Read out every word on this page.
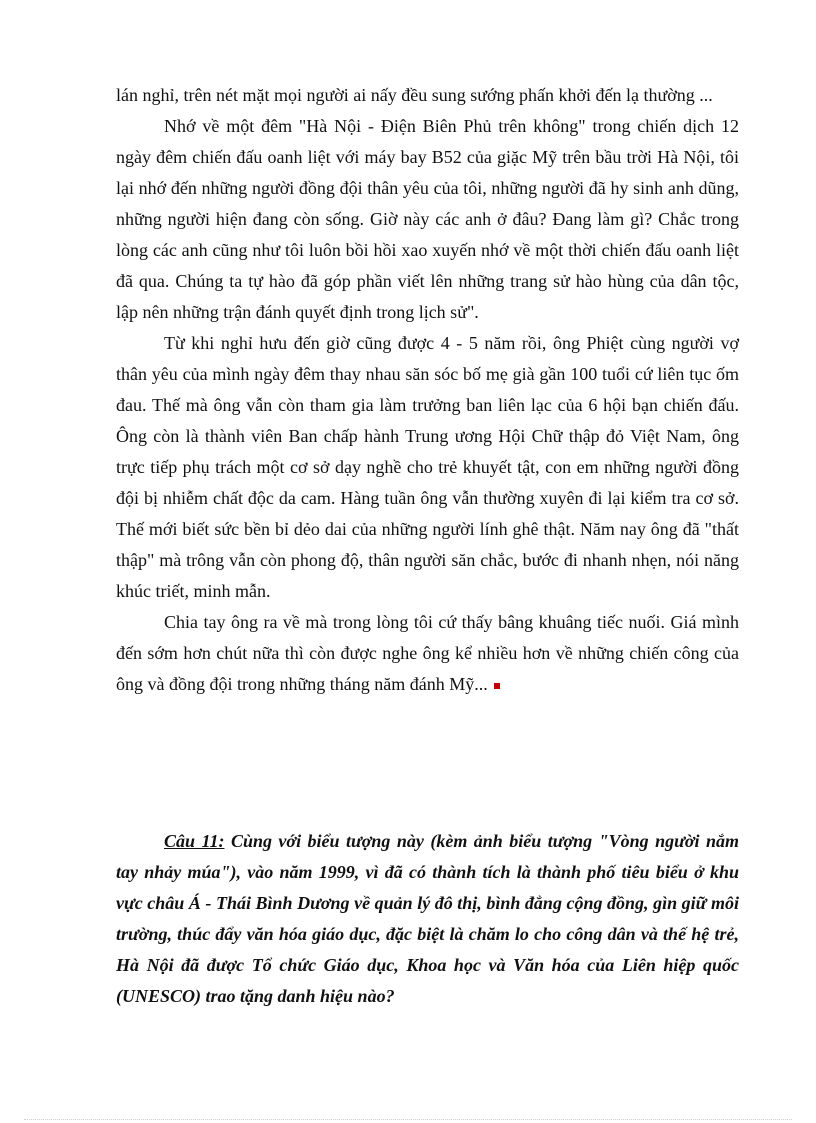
lán nghỉ, trên nét mặt mọi người ai nấy đều sung sướng phấn khởi đến lạ thường ...

Nhớ về một đêm "Hà Nội - Điện Biên Phủ trên không" trong chiến dịch 12 ngày đêm chiến đấu oanh liệt với máy bay B52 của giặc Mỹ trên bầu trời Hà Nội, tôi lại nhớ đến những người đồng đội thân yêu của tôi, những người đã hy sinh anh dũng, những người hiện đang còn sống. Giờ này các anh ở đâu? Đang làm gì? Chắc trong lòng các anh cũng như tôi luôn bồi hồi xao xuyến nhớ về một thời chiến đấu oanh liệt đã qua. Chúng ta tự hào đã góp phần viết lên những trang sử hào hùng của dân tộc, lập nên những trận đánh quyết định trong lịch sử".

Từ khi nghỉ hưu đến giờ cũng được 4 - 5 năm rồi, ông Phiệt cùng người vợ thân yêu của mình ngày đêm thay nhau săn sóc bố mẹ già gần 100 tuổi cứ liên tục ốm đau. Thế mà ông vẫn còn tham gia làm trưởng ban liên lạc của 6 hội bạn chiến đấu. Ông còn là thành viên Ban chấp hành Trung ương Hội Chữ thập đỏ Việt Nam, ông trực tiếp phụ trách một cơ sở dạy nghề cho trẻ khuyết tật, con em những người đồng đội bị nhiễm chất độc da cam. Hàng tuần ông vẫn thường xuyên đi lại kiểm tra cơ sở. Thế mới biết sức bền bỉ dẻo dai của những người lính ghê thật. Năm nay ông đã "thất thập" mà trông vẫn còn phong độ, thân người săn chắc, bước đi nhanh nhẹn, nói năng khúc triết, minh mẫn.

Chia tay ông ra về mà trong lòng tôi cứ thấy bâng khuâng tiếc nuối. Giá mình đến sớm hơn chút nữa thì còn được nghe ông kể nhiều hơn về những chiến công của ông và đồng đội trong những tháng năm đánh Mỹ...

Câu 11: Cùng với biểu tượng này (kèm ảnh biểu tượng "Vòng người nắm tay nhảy múa"), vào năm 1999, vì đã có thành tích là thành phố tiêu biểu ở khu vực châu Á - Thái Bình Dương về quản lý đô thị, bình đẳng cộng đồng, gìn giữ môi trường, thúc đẩy văn hóa giáo dục, đặc biệt là chăm lo cho công dân và thế hệ trẻ, Hà Nội đã được Tổ chức Giáo dục, Khoa học và Văn hóa của Liên hiệp quốc (UNESCO) trao tặng danh hiệu nào?
